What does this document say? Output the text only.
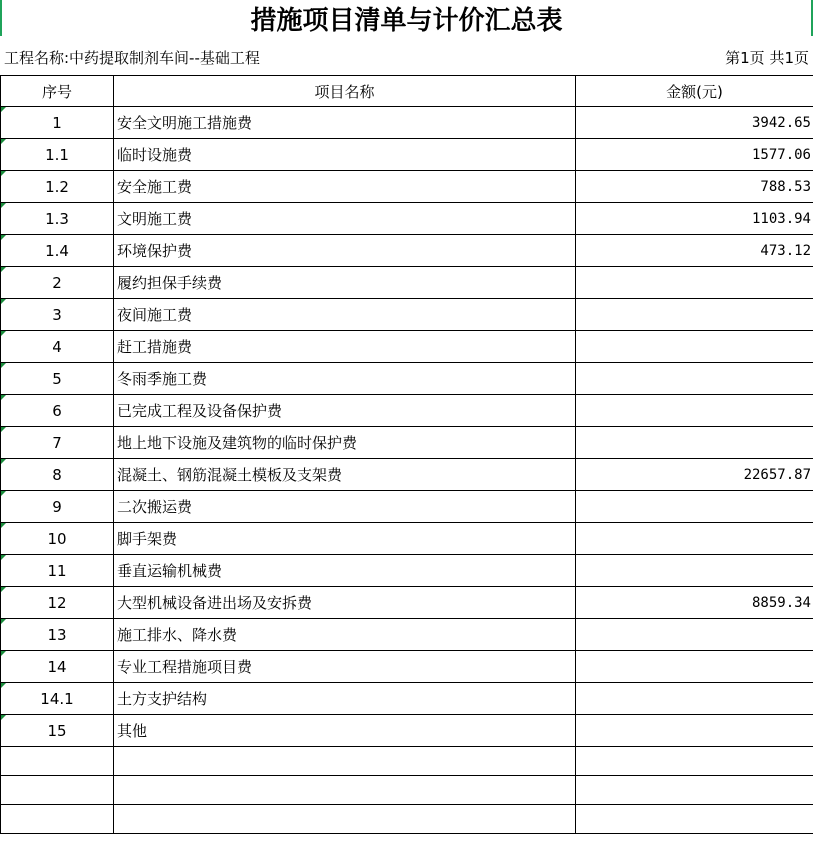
措施项目清单与计价汇总表
工程名称:中药提取制剂车间--基础工程	第1页 共1页
序号	项目名称	金额(元)
1	安全文明施工措施费	3942.65
1.1	临时设施费	1577.06
1.2	安全施工费	788.53
1.3	文明施工费	1103.94
1.4	环境保护费	473.12
2	履约担保手续费	
3	夜间施工费	
4	赶工措施费	
5	冬雨季施工费	
6	已完成工程及设备保护费	
7	地上地下设施及建筑物的临时保护费	
8	混凝土、钢筋混凝土模板及支架费	22657.87
9	二次搬运费	
10	脚手架费	
11	垂直运输机械费	
12	大型机械设备进出场及安拆费	8859.34
13	施工排水、降水费	
14	专业工程措施项目费	
14.1	土方支护结构	
15	其他	
